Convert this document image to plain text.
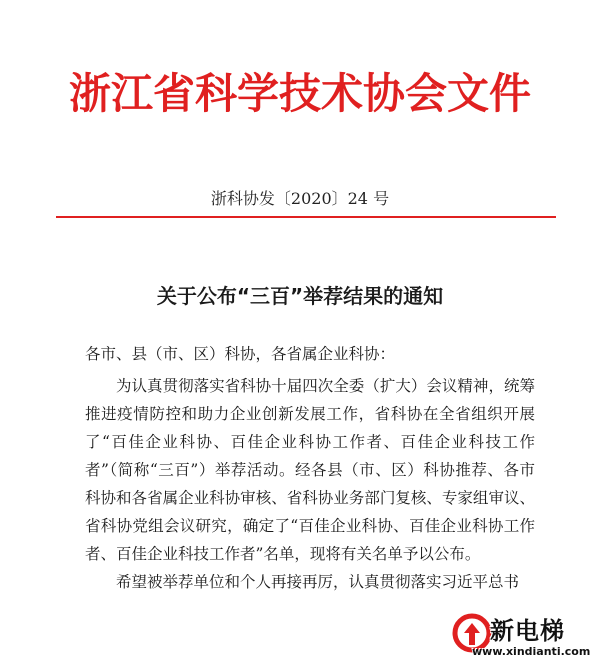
浙江省科学技术协会文件
浙科协发〔2020〕24 号
关于公布“三百”举荐结果的通知

各市、县（市、区）科协，各省属企业科协：

为认真贯彻落实省科协十届四次全委（扩大）会议精神，统筹推进疫情防控和助力企业创新发展工作，省科协在全省组织开展了“百佳企业科协、百佳企业科协工作者、百佳企业科技工作者”（简称“三百”）举荐活动。经各县（市、区）科协推荐、各市科协和各省属企业科协审核、省科协业务部门复核、专家组审议、省科协党组会议研究，确定了“百佳企业科协、百佳企业科协工作者、百佳企业科技工作者”名单，现将有关名单予以公布。

希望被举荐单位和个人再接再厉，认真贯彻落实习近平总书

新电梯
www.xindianti.com
